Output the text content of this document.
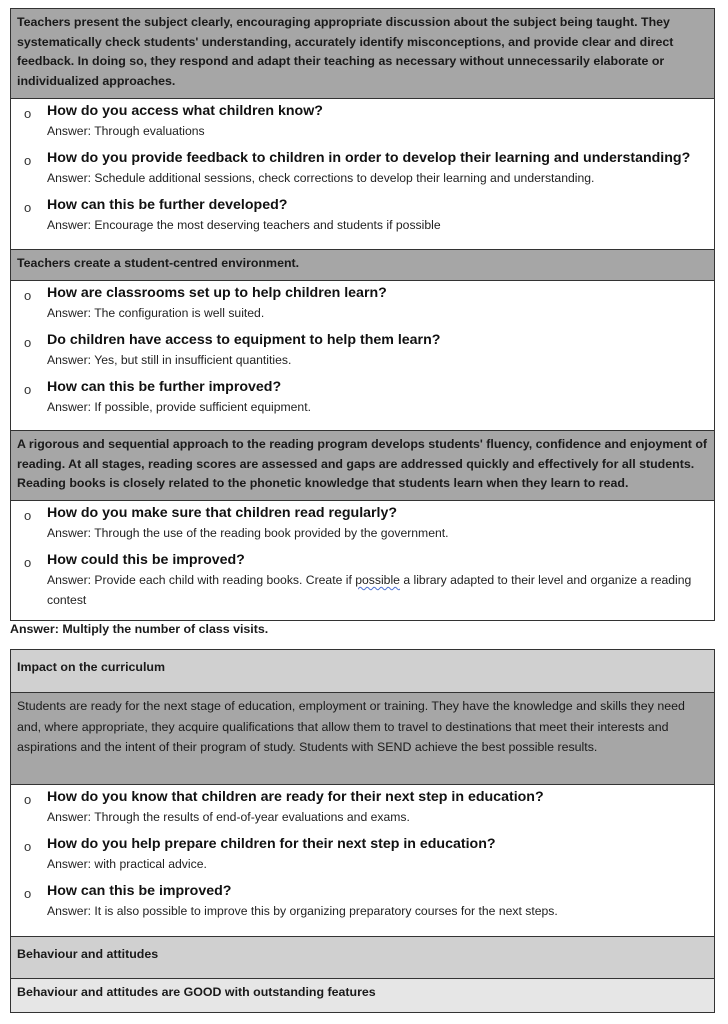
Teachers present the subject clearly, encouraging appropriate discussion about the subject being taught. They systematically check students' understanding, accurately identify misconceptions, and provide clear and direct feedback. In doing so, they respond and adapt their teaching as necessary without unnecessarily elaborate or individualized approaches.
o How do you access what children know?
Answer: Through evaluations
o How do you provide feedback to children in order to develop their learning and understanding?
Answer: Schedule additional sessions, check corrections to develop their learning and understanding.
o How can this be further developed?
Answer: Encourage the most deserving teachers and students if possible
Teachers create a student-centred environment.
o How are classrooms set up to help children learn?
Answer: The configuration is well suited.
o Do children have access to equipment to help them learn?
Answer: Yes, but still in insufficient quantities.
o How can this be further improved?
Answer: If possible, provide sufficient equipment.
A rigorous and sequential approach to the reading program develops students' fluency, confidence and enjoyment of reading. At all stages, reading scores are assessed and gaps are addressed quickly and effectively for all students. Reading books is closely related to the phonetic knowledge that students learn when they learn to read.
o How do you make sure that children read regularly?
Answer: Through the use of the reading book provided by the government.
o How could this be improved?
Answer: Provide each child with reading books. Create if possible a library adapted to their level and organize a reading contest
Answer: Multiply the number of class visits.
Impact on the curriculum
Students are ready for the next stage of education, employment or training. They have the knowledge and skills they need and, where appropriate, they acquire qualifications that allow them to travel to destinations that meet their interests and aspirations and the intent of their program of study. Students with SEND achieve the best possible results.
o How do you know that children are ready for their next step in education?
Answer: Through the results of end-of-year evaluations and exams.
o How do you help prepare children for their next step in education?
Answer: with practical advice.
o How can this be improved?
Answer: It is also possible to improve this by organizing preparatory courses for the next steps.
Behaviour and attitudes
Behaviour and attitudes are GOOD with outstanding features
